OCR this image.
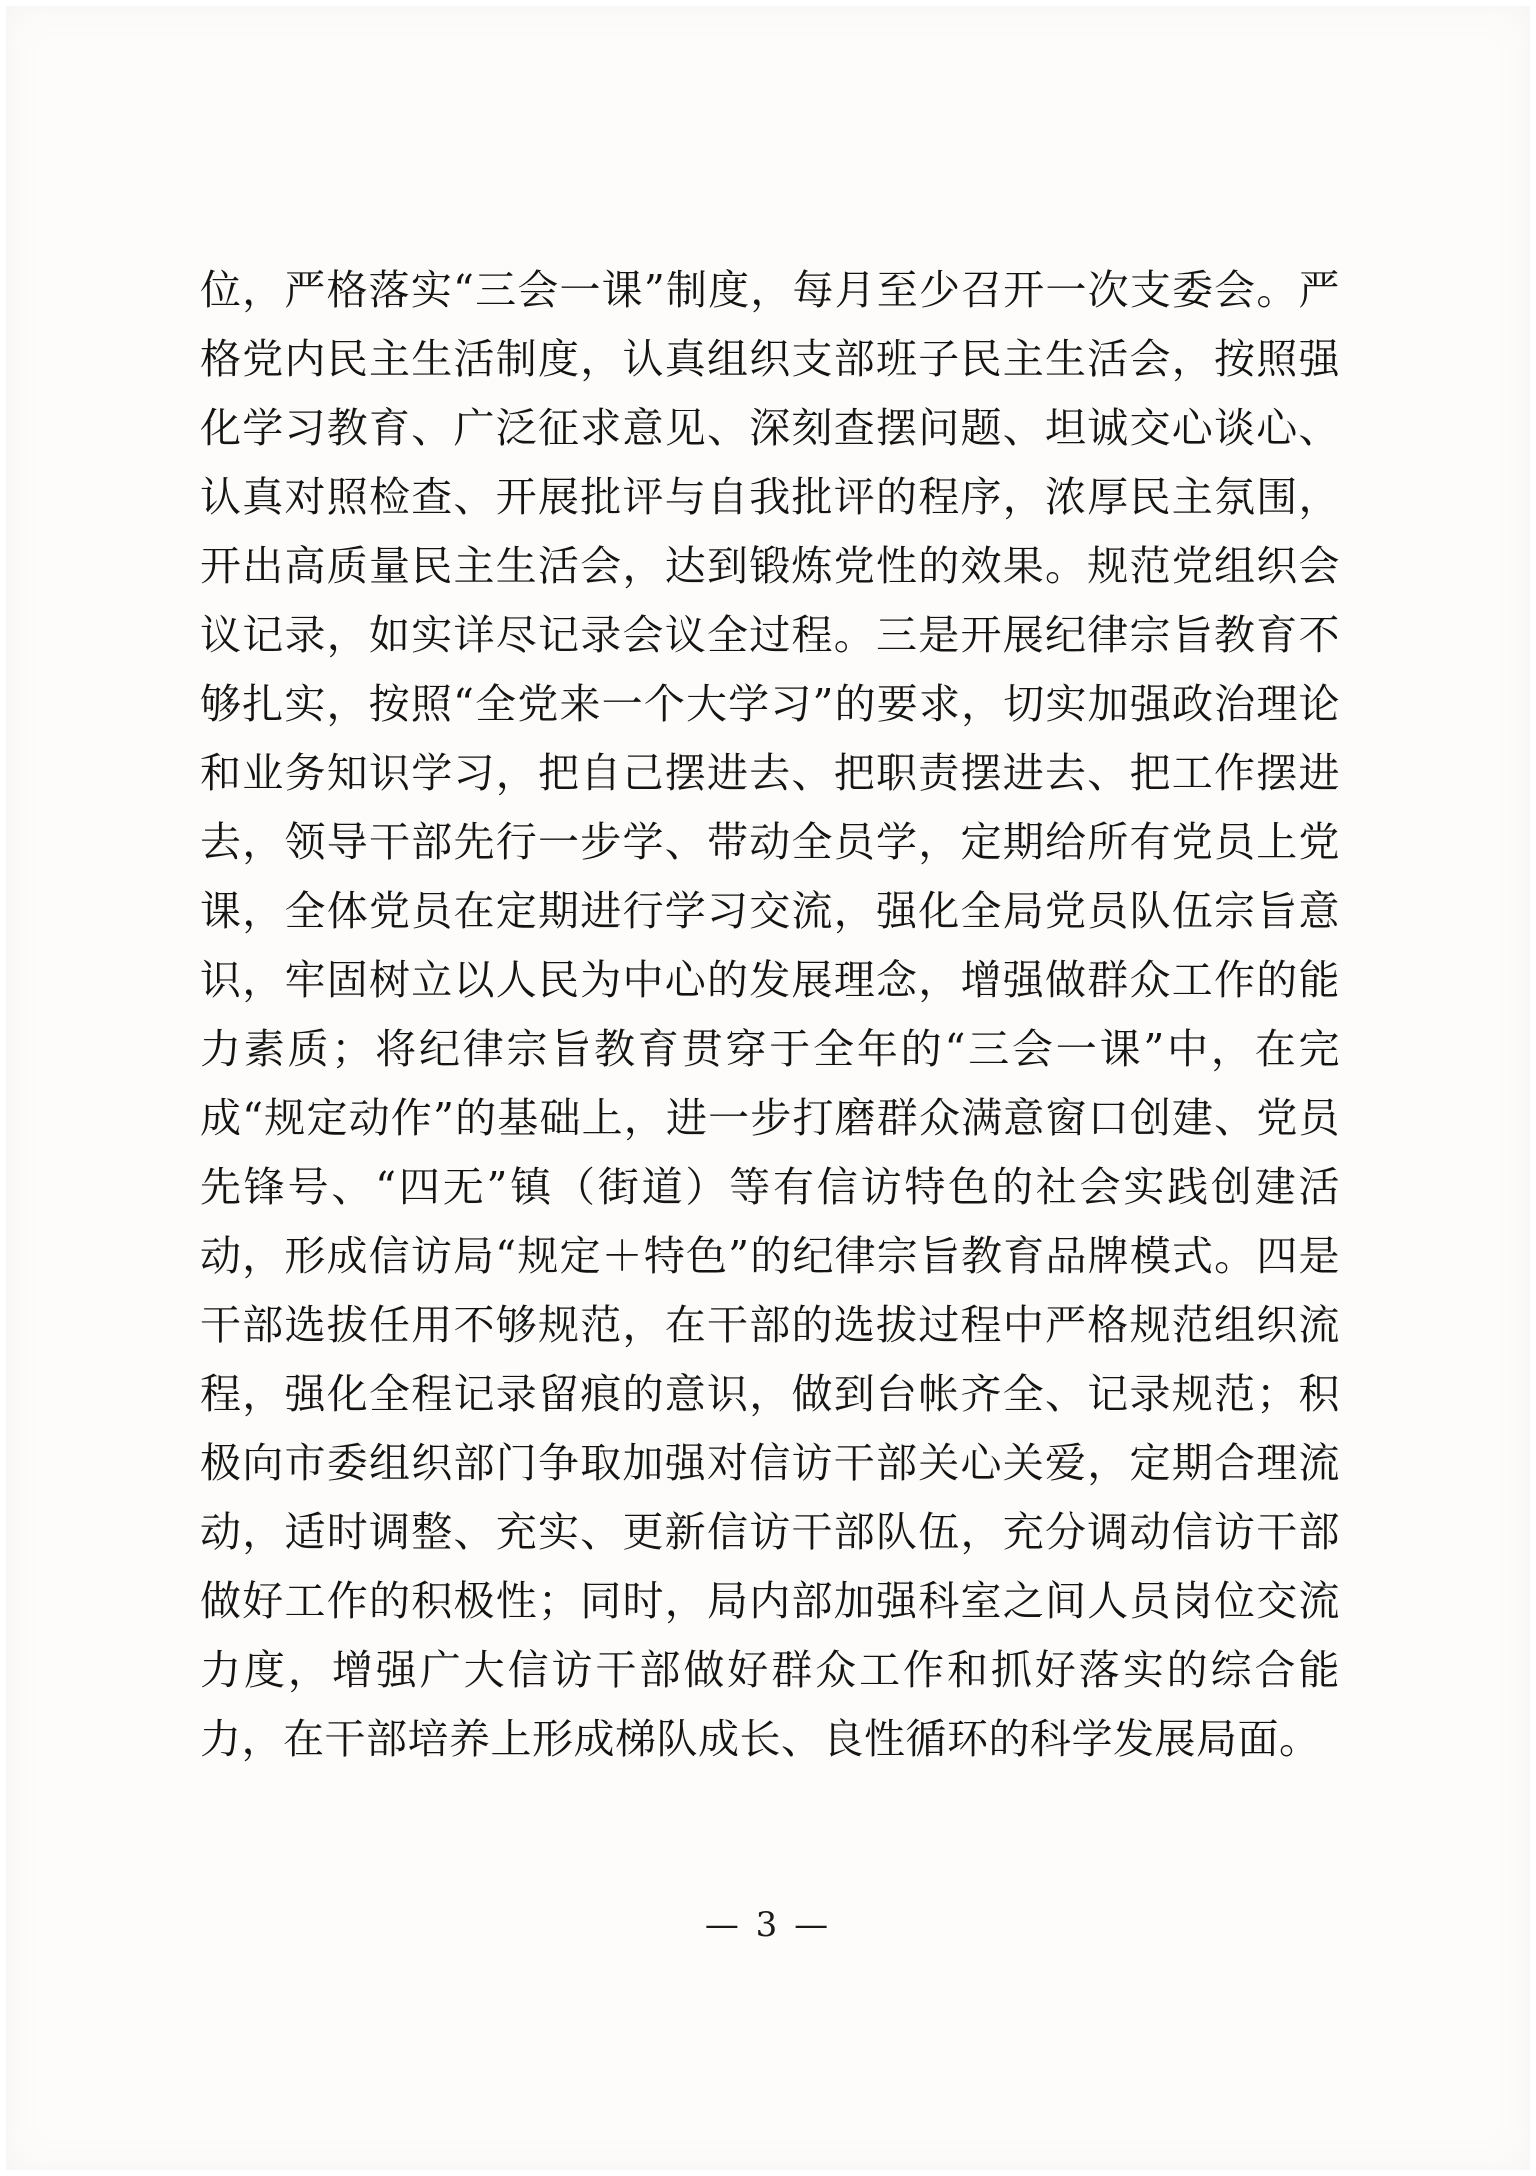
位，严格落实“三会一课”制度，每月至少召开一次支委会。严格党内民主生活制度，认真组织支部班子民主生活会，按照强化学习教育、广泛征求意见、深刻查摆问题、坦诚交心谈心、认真对照检查、开展批评与自我批评的程序，浓厚民主氛围，开出高质量民主生活会，达到锻炼党性的效果。规范党组织会议记录，如实详尽记录会议全过程。三是开展纪律宗旨教育不够扎实，按照“全党来一个大学习”的要求，切实加强政治理论和业务知识学习，把自己摆进去、把职责摆进去、把工作摆进去，领导干部先行一步学、带动全员学，定期给所有党员上党课，全体党员在定期进行学习交流，强化全局党员队伍宗旨意识，牢固树立以人民为中心的发展理念，增强做群众工作的能力素质；将纪律宗旨教育贯穿于全年的“三会一课”中，在完成“规定动作”的基础上，进一步打磨群众满意窗口创建、党员先锋号、“四无”镇（街道）等有信访特色的社会实践创建活动，形成信访局“规定＋特色”的纪律宗旨教育品牌模式。四是干部选拔任用不够规范，在干部的选拔过程中严格规范组织流程，强化全程记录留痕的意识，做到台帐齐全、记录规范；积极向市委组织部门争取加强对信访干部关心关爱，定期合理流动，适时调整、充实、更新信访干部队伍，充分调动信访干部做好工作的积极性；同时，局内部加强科室之间人员岗位交流力度，增强广大信访干部做好群众工作和抓好落实的综合能力，在干部培养上形成梯队成长、良性循环的科学发展局面。

— 3 —
